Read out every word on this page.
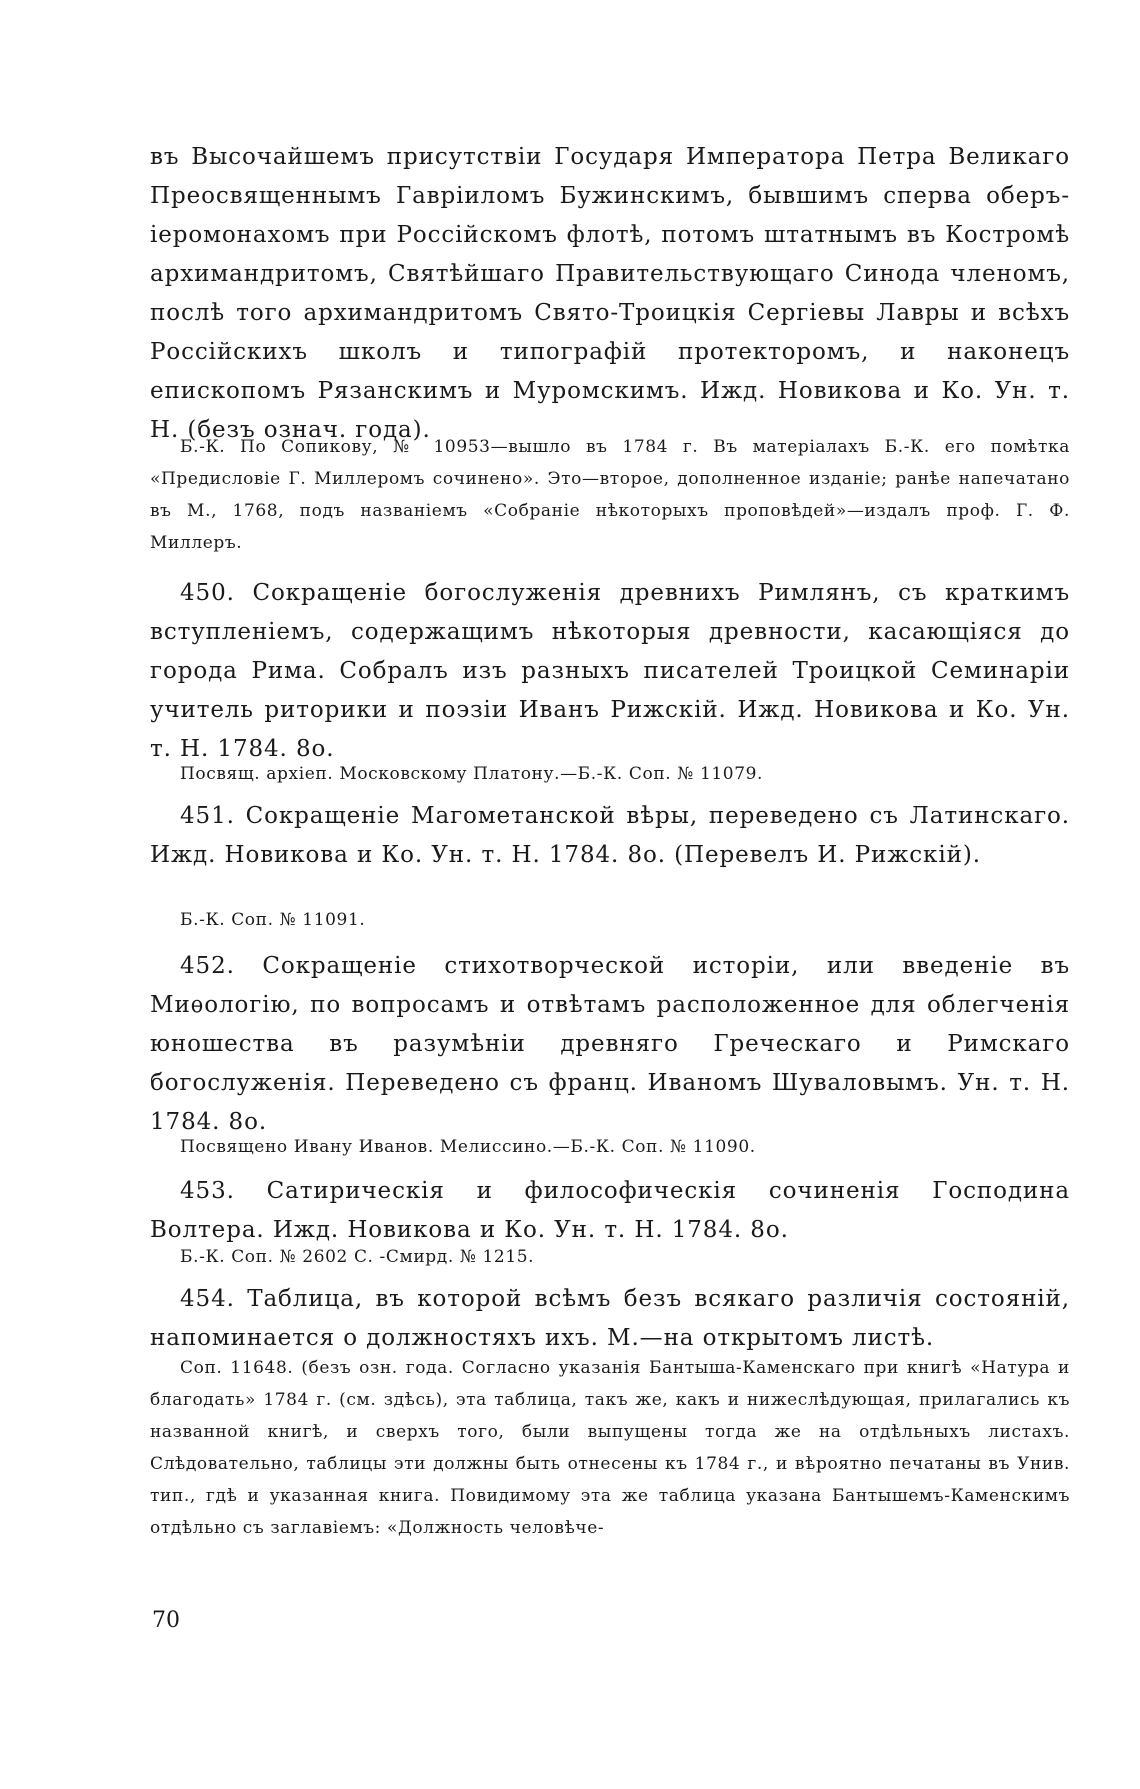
въ Высочайшемъ присутствіи Государя Императора Петра Великаго Преосвященнымъ Гавріиломъ Бужинскимъ, бывшимъ сперва оберъ-іеромонахомъ при Россійскомъ флотѣ, потомъ штатнымъ въ Костромѣ архимандритомъ, Святѣйшаго Правительствующаго Синода членомъ, послѣ того архимандритомъ Свято-Троицкія Сергіевы Лавры и всѣхъ Россійскихъ школъ и типографій протекторомъ, и наконецъ епископомъ Рязанскимъ и Муромскимъ. Ижд. Новикова и Ко. Ун. т. Н. (безъ означ. года).

Б.-К. По Сопикову, № 10953—вышло въ 1784 г. Въ матеріалахъ Б.-К. его помѣтка «Предисловіе Г. Миллеромъ сочинено». Это—второе, дополненное изданіе; ранѣе напечатано въ М., 1768, подъ названіемъ «Собраніе нѣкоторыхъ проповѣдей»—издалъ проф. Г. Ф. Миллеръ.

450. Сокращеніе богослуженія древнихъ Римлянъ, съ краткимъ вступленіемъ, содержащимъ нѣкоторыя древности, касающіяся до города Рима. Собралъ изъ разныхъ писателей Троицкой Семинаріи учитель риторики и поэзіи Иванъ Рижскій. Ижд. Новикова и Ко. Ун. т. Н. 1784. 8о.

Посвящ. архіеп. Московскому Платону.—Б.-К. Соп. № 11079.

451. Сокращеніе Магометанской вѣры, переведено съ Латинскаго. Ижд. Новикова и Ко. Ун. т. Н. 1784. 8о. (Перевелъ И. Рижскій).

Б.-К. Соп. № 11091.

452. Сокращеніе стихотворческой исторіи, или введеніе въ Миѳологію, по вопросамъ и отвѣтамъ расположенное для облегченія юношества въ разумѣніи древняго Греческаго и Римскаго богослуженія. Переведено съ франц. Иваномъ Шуваловымъ. Ун. т. Н. 1784. 8о.

Посвящено Ивану Иванов. Мелиссино.—Б.-К. Соп. № 11090.

453. Сатирическія и философическія сочиненія Господина Волтера. Ижд. Новикова и Ко. Ун. т. Н. 1784. 8о.

Б.-К. Соп. № 2602 С. -Смирд. № 1215.

454. Таблица, въ которой всѣмъ безъ всякаго различія состояній, напоминается о должностяхъ ихъ. М.—на открытомъ листѣ.

Соп. 11648. (безъ озн. года. Согласно указанія Бантыша-Каменскаго при книгѣ «Натура и благодать» 1784 г. (см. здѣсь), эта таблица, такъ же, какъ и нижеслѣдующая, прилагались къ названной книгѣ, и сверхъ того, были выпущены тогда же на отдѣльныхъ листахъ. Слѣдовательно, таблицы эти должны быть отнесены къ 1784 г., и вѣроятно печатаны въ Унив. тип., гдѣ и указанная книга. Повидимому эта же таблица указана Бантышемъ-Каменскимъ отдѣльно съ заглавіемъ: «Должность человѣче-

70
